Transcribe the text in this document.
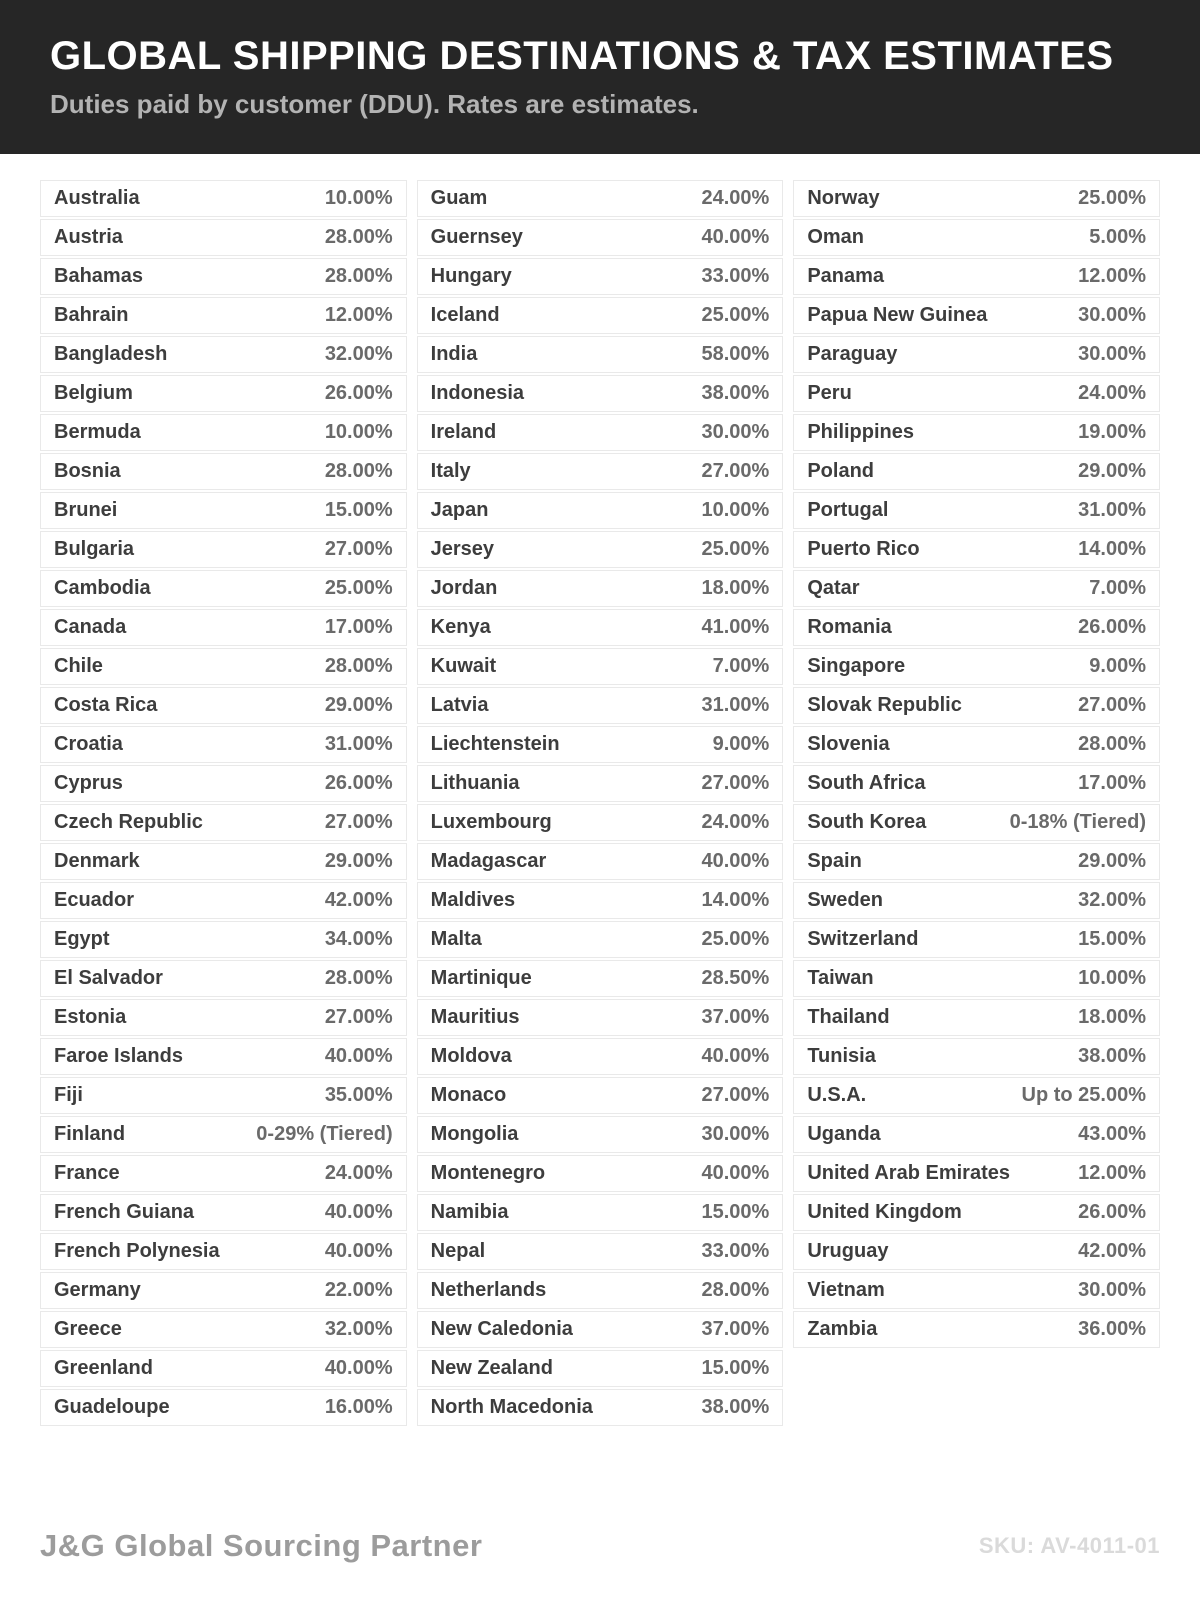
GLOBAL SHIPPING DESTINATIONS & TAX ESTIMATES
Duties paid by customer (DDU). Rates are estimates.
Australia	10.00%
Austria	28.00%
Bahamas	28.00%
Bahrain	12.00%
Bangladesh	32.00%
Belgium	26.00%
Bermuda	10.00%
Bosnia	28.00%
Brunei	15.00%
Bulgaria	27.00%
Cambodia	25.00%
Canada	17.00%
Chile	28.00%
Costa Rica	29.00%
Croatia	31.00%
Cyprus	26.00%
Czech Republic	27.00%
Denmark	29.00%
Ecuador	42.00%
Egypt	34.00%
El Salvador	28.00%
Estonia	27.00%
Faroe Islands	40.00%
Fiji	35.00%
Finland	0-29% (Tiered)
France	24.00%
French Guiana	40.00%
French Polynesia	40.00%
Germany	22.00%
Greece	32.00%
Greenland	40.00%
Guadeloupe	16.00%
Guam	24.00%
Guernsey	40.00%
Hungary	33.00%
Iceland	25.00%
India	58.00%
Indonesia	38.00%
Ireland	30.00%
Italy	27.00%
Japan	10.00%
Jersey	25.00%
Jordan	18.00%
Kenya	41.00%
Kuwait	7.00%
Latvia	31.00%
Liechtenstein	9.00%
Lithuania	27.00%
Luxembourg	24.00%
Madagascar	40.00%
Maldives	14.00%
Malta	25.00%
Martinique	28.50%
Mauritius	37.00%
Moldova	40.00%
Monaco	27.00%
Mongolia	30.00%
Montenegro	40.00%
Namibia	15.00%
Nepal	33.00%
Netherlands	28.00%
New Caledonia	37.00%
New Zealand	15.00%
North Macedonia	38.00%
Norway	25.00%
Oman	5.00%
Panama	12.00%
Papua New Guinea	30.00%
Paraguay	30.00%
Peru	24.00%
Philippines	19.00%
Poland	29.00%
Portugal	31.00%
Puerto Rico	14.00%
Qatar	7.00%
Romania	26.00%
Singapore	9.00%
Slovak Republic	27.00%
Slovenia	28.00%
South Africa	17.00%
South Korea	0-18% (Tiered)
Spain	29.00%
Sweden	32.00%
Switzerland	15.00%
Taiwan	10.00%
Thailand	18.00%
Tunisia	38.00%
U.S.A.	Up to 25.00%
Uganda	43.00%
United Arab Emirates	12.00%
United Kingdom	26.00%
Uruguay	42.00%
Vietnam	30.00%
Zambia	36.00%
J&G Global Sourcing Partner	SKU: AV-4011-01
